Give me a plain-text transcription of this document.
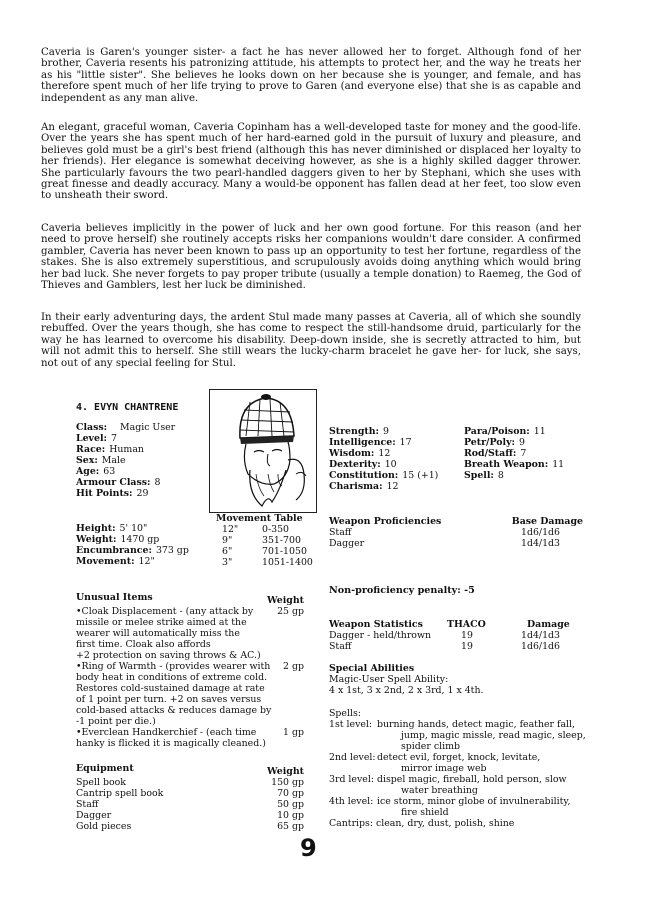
Caveria is Garen's younger sister- a fact he has never allowed her to forget. Although fond of her brother, Caveria resents his patronizing attitude, his attempts to protect her, and the way he treats her as his "little sister". She believes he looks down on her because she is younger, and female, and has therefore spent much of her life trying to prove to Garen (and everyone else) that she is as capable and independent as any man alive.

An elegant, graceful woman, Caveria Copinham has a well-developed taste for money and the good-life. Over the years she has spent much of her hard-earned gold in the pursuit of luxury and pleasure, and believes gold must be a girl's best friend (although this has never diminished or displaced her loyalty to her friends). Her elegance is somewhat deceiving however, as she is a highly skilled dagger thrower. She particularly favours the two pearl-handled daggers given to her by Stephani, which she uses with great finesse and deadly accuracy. Many a would-be opponent has fallen dead at her feet, too slow even to unsheath their sword.

Caveria believes implicitly in the power of luck and her own good fortune. For this reason (and her need to prove herself) she routinely accepts risks her companions wouldn't dare consider. A confirmed gambler, Caveria has never been known to pass up an opportunity to test her fortune, regardless of the stakes. She is also extremely superstitious, and scrupulously avoids doing anything which would bring her bad luck. She never forgets to pay proper tribute (usually a temple donation) to Raemeg, the God of Thieves and Gamblers, lest her luck be diminished.

In their early adventuring days, the ardent Stul made many passes at Caveria, all of which she soundly rebuffed. Over the years though, she has come to respect the still-handsome druid, particularly for the way he has learned to overcome his disability. Deep-down inside, she is secretly attracted to him, but will not admit this to herself. She still wears the lucky-charm bracelet he gave her- for luck, she says, not out of any special feeling for Stul.

4. EVYN CHANTRENE
Class:	Magic User
Level: 7
Race: Human
Sex: Male
Age: 63
Armour Class: 8
Hit Points: 29
Strength: 9
Intelligence: 17
Wisdom: 12
Dexterity: 10
Constitution: 15 (+1)
Charisma: 12
Para/Poison: 11
Petr/Poly: 9
Rod/Staff: 7
Breath Weapon: 11
Spell: 8
Height: 5' 10"
Weight: 1470 gp
Encumbrance: 373 gp
Movement: 12"
Movement Table
12"	0-350
9"	351-700
6"	701-1050
3"	1051-1400
Weapon Proficiencies	Base Damage
Staff	1d6/1d6
Dagger	1d4/1d3
Non-proficiency penalty: -5
Weapon Statistics	THACO	Damage
Dagger - held/thrown	19	1d4/1d3
Staff	19	1d6/1d6
Special Abilities
Magic-User Spell Ability:
4 x 1st, 3 x 2nd, 2 x 3rd, 1 x 4th.
Spells:
1st level: burning hands, detect magic, feather fall,
jump, magic missle, read magic, sleep,
spider climb
2nd level: detect evil, forget, knock, levitate,
mirror image web
3rd level: dispel magic, fireball, hold person, slow
water breathing
4th level: ice storm, minor globe of invulnerability,
fire shield
Cantrips: clean, dry, dust, polish, shine
Unusual Items	Weight
•Cloak Displacement - (any attack by	25 gp
missile or melee strike aimed at the
wearer will automatically miss the
first time. Cloak also affords
+2 protection on saving throws & AC.)
•Ring of Warmth - (provides wearer with 2 gp
body heat in conditions of extreme cold.
Restores cold-sustained damage at rate
of 1 point per turn. +2 on saves versus
cold-based attacks & reduces damage by
-1 point per die.)
•Everclean Handkerchief - (each time	1 gp
hanky is flicked it is magically cleaned.)
Equipment	Weight
Spell book	150 gp
Cantrip spell book	70 gp
Staff	50 gp
Dagger	10 gp
Gold pieces	65 gp
9
